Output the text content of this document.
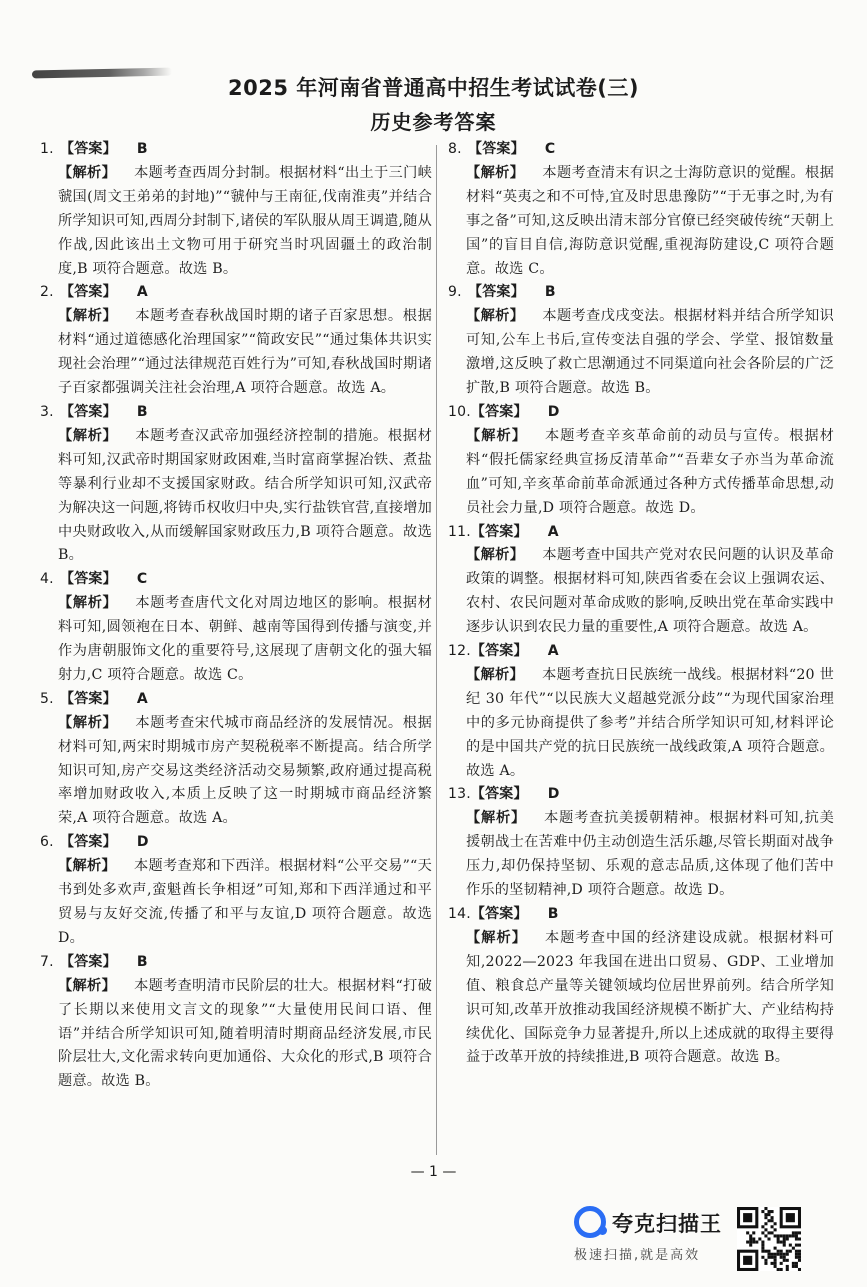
2025 年河南省普通高中招生考试试卷(三)
历史参考答案
1. 【答案】 B
【解析】 本题考查西周分封制。根据材料“出土于三门峡虢国(周文王弟弟的封地)”“虢仲与王南征,伐南淮夷”并结合所学知识可知,西周分封制下,诸侯的军队服从周王调遣,随从作战,因此该出土文物可用于研究当时巩固疆土的政治制度,B 项符合题意。故选 B。
2. 【答案】 A
【解析】 本题考查春秋战国时期的诸子百家思想。根据材料“通过道德感化治理国家”“简政安民”“通过集体共识实现社会治理”“通过法律规范百姓行为”可知,春秋战国时期诸子百家都强调关注社会治理,A 项符合题意。故选 A。
3. 【答案】 B
【解析】 本题考查汉武帝加强经济控制的措施。根据材料可知,汉武帝时期国家财政困难,当时富商掌握冶铁、煮盐等暴利行业却不支援国家财政。结合所学知识可知,汉武帝为解决这一问题,将铸币权收归中央,实行盐铁官营,直接增加中央财政收入,从而缓解国家财政压力,B 项符合题意。故选 B。
4. 【答案】 C
【解析】 本题考查唐代文化对周边地区的影响。根据材料可知,圆领袍在日本、朝鲜、越南等国得到传播与演变,并作为唐朝服饰文化的重要符号,这展现了唐朝文化的强大辐射力,C 项符合题意。故选 C。
5. 【答案】 A
【解析】 本题考查宋代城市商品经济的发展情况。根据材料可知,两宋时期城市房产契税税率不断提高。结合所学知识可知,房产交易这类经济活动交易频繁,政府通过提高税率增加财政收入,本质上反映了这一时期城市商品经济繁荣,A 项符合题意。故选 A。
6. 【答案】 D
【解析】 本题考查郑和下西洋。根据材料“公平交易”“天书到处多欢声,蛮魁酋长争相迓”可知,郑和下西洋通过和平贸易与友好交流,传播了和平与友谊,D 项符合题意。故选 D。
7. 【答案】 B
【解析】 本题考查明清市民阶层的壮大。根据材料“打破了长期以来使用文言文的现象”“大量使用民间口语、俚语”并结合所学知识可知,随着明清时期商品经济发展,市民阶层壮大,文化需求转向更加通俗、大众化的形式,B 项符合题意。故选 B。
8. 【答案】 C
【解析】 本题考查清末有识之士海防意识的觉醒。根据材料“英夷之和不可恃,宜及时思患豫防”“于无事之时,为有事之备”可知,这反映出清末部分官僚已经突破传统“天朝上国”的盲目自信,海防意识觉醒,重视海防建设,C 项符合题意。故选 C。
9. 【答案】 B
【解析】 本题考查戊戌变法。根据材料并结合所学知识可知,公车上书后,宣传变法自强的学会、学堂、报馆数量激增,这反映了救亡思潮通过不同渠道向社会各阶层的广泛扩散,B 项符合题意。故选 B。
10.【答案】 D
【解析】 本题考查辛亥革命前的动员与宣传。根据材料“假托儒家经典宣扬反清革命”“吾辈女子亦当为革命流血”可知,辛亥革命前革命派通过各种方式传播革命思想,动员社会力量,D 项符合题意。故选 D。
11.【答案】 A
【解析】 本题考查中国共产党对农民问题的认识及革命政策的调整。根据材料可知,陕西省委在会议上强调农运、农村、农民问题对革命成败的影响,反映出党在革命实践中逐步认识到农民力量的重要性,A 项符合题意。故选 A。
12.【答案】 A
【解析】 本题考查抗日民族统一战线。根据材料“20 世纪 30 年代”“以民族大义超越党派分歧”“为现代国家治理中的多元协商提供了参考”并结合所学知识可知,材料评论的是中国共产党的抗日民族统一战线政策,A 项符合题意。故选 A。
13.【答案】 D
【解析】 本题考查抗美援朝精神。根据材料可知,抗美援朝战士在苦难中仍主动创造生活乐趣,尽管长期面对战争压力,却仍保持坚韧、乐观的意志品质,这体现了他们苦中作乐的坚韧精神,D 项符合题意。故选 D。
14.【答案】 B
【解析】 本题考查中国的经济建设成就。根据材料可知,2022—2023 年我国在进出口贸易、GDP、工业增加值、粮食总产量等关键领域均位居世界前列。结合所学知识可知,改革开放推动我国经济规模不断扩大、产业结构持续优化、国际竞争力显著提升,所以上述成就的取得主要得益于改革开放的持续推进,B 项符合题意。故选 B。
— 1 —
夸克扫描王
极速扫描,就是高效
